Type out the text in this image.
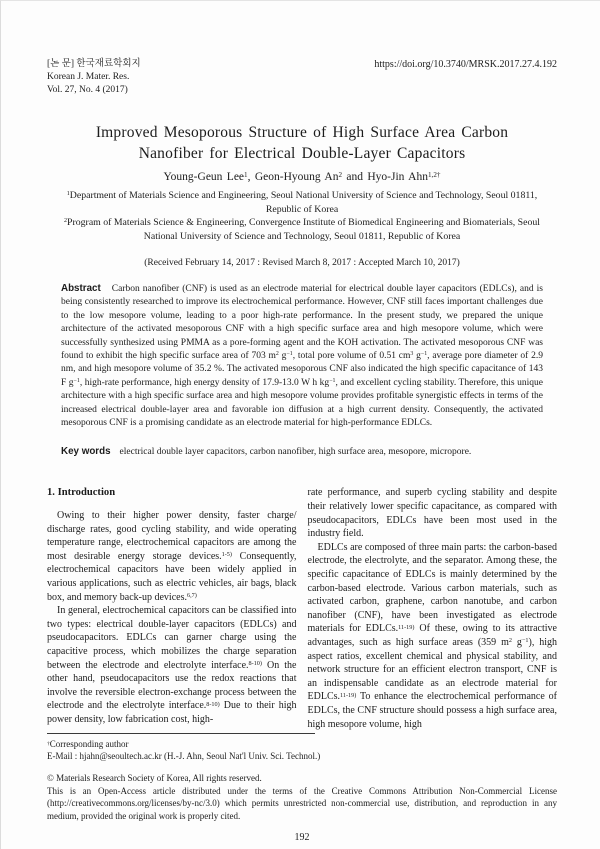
[논 문] 한국재료학회지
Korean J. Mater. Res.
Vol. 27, No. 4 (2017)
https://doi.org/10.3740/MRSK.2017.27.4.192
Improved Mesoporous Structure of High Surface Area Carbon
Nanofiber for Electrical Double-Layer Capacitors
Young-Geun Lee$^1$, Geon-Hyoung An$^2$ and Hyo-Jin Ahn$^{1,2\dagger}$
$^1$Department of Materials Science and Engineering, Seoul National University of Science and Technology, Seoul 01811, Republic of Korea
$^2$Program of Materials Science & Engineering, Convergence Institute of Biomedical Engineering and Biomaterials, Seoul National University of Science and Technology, Seoul 01811, Republic of Korea
(Received February 14, 2017 : Revised March 8, 2017 : Accepted March 10, 2017)
Abstract Carbon nanofiber (CNF) is used as an electrode material for electrical double layer capacitors (EDLCs), and is being consistently researched to improve its electrochemical performance. However, CNF still faces important challenges due to the low mesopore volume, leading to a poor high-rate performance. In the present study, we prepared the unique architecture of the activated mesoporous CNF with a high specific surface area and high mesopore volume, which were successfully synthesized using PMMA as a pore-forming agent and the KOH activation. The activated mesoporous CNF was found to exhibit the high specific surface area of 703 $m^2$ $g^{-1}$, total pore volume of 0.51 $cm^3$ $g^{-1}$, average pore diameter of 2.9 nm, and high mesopore volume of 35.2 %. The activated mesoporous CNF also indicated the high specific capacitance of 143 F $g^{-1}$, high-rate performance, high energy density of 17.9-13.0 W h $kg^{-1}$, and excellent cycling stability. Therefore, this unique architecture with a high specific surface area and high mesopore volume provides profitable synergistic effects in terms of the increased electrical double-layer area and favorable ion diffusion at a high current density. Consequently, the activated mesoporous CNF is a promising candidate as an electrode material for high-performance EDLCs.
Key words electrical double layer capacitors, carbon nanofiber, high surface area, mesopore, micropore.
1. Introduction

Owing to their higher power density, faster charge/ discharge rates, good cycling stability, and wide operating temperature range, electrochemical capacitors are among the most desirable energy storage devices.$^{1-5)}$ Consequently, electrochemical capacitors have been widely applied in various applications, such as electric vehicles, air bags, black box, and memory back-up devices.$^{6,7)}$

In general, electrochemical capacitors can be classified into two types: electrical double-layer capacitors (EDLCs) and pseudocapacitors. EDLCs can garner charge using the capacitive process, which mobilizes the charge separation between the electrode and electrolyte interface.$^{8-10)}$ On the other hand, pseudocapacitors use the redox reactions that involve the reversible electron-exchange process between the electrode and the electrolyte interface.$^{8-10)}$ Due to their high power density, low fabrication cost, high-

rate performance, and superb cycling stability and despite their relatively lower specific capacitance, as compared with pseudocapacitors, EDLCs have been most used in the industry field.

EDLCs are composed of three main parts: the carbon-based electrode, the electrolyte, and the separator. Among these, the specific capacitance of EDLCs is mainly determined by the carbon-based electrode. Various carbon materials, such as activated carbon, graphene, carbon nanotube, and carbon nanofiber (CNF), have been investigated as electrode materials for EDLCs.$^{11-19)}$ Of these, owing to its attractive advantages, such as high surface areas (359 $m^2$ $g^{-1}$), high aspect ratios, excellent chemical and physical stability, and network structure for an efficient electron transport, CNF is an indispensable candidate as an electrode material for EDLCs.$^{11-19)}$ To enhance the electrochemical performance of EDLCs, the CNF structure should possess a high surface area, high mesopore volume, high

†Corresponding author
E-Mail : hjahn@seoultech.ac.kr (H.-J. Ahn, Seoul Nat'l Univ. Sci. Technol.)
© Materials Research Society of Korea, All rights reserved.
This is an Open-Access article distributed under the terms of the Creative Commons Attribution Non-Commercial License (http://creativecommons.org/licenses/by-nc/3.0) which permits unrestricted non-commercial use, distribution, and reproduction in any medium, provided the original work is properly cited.
192
